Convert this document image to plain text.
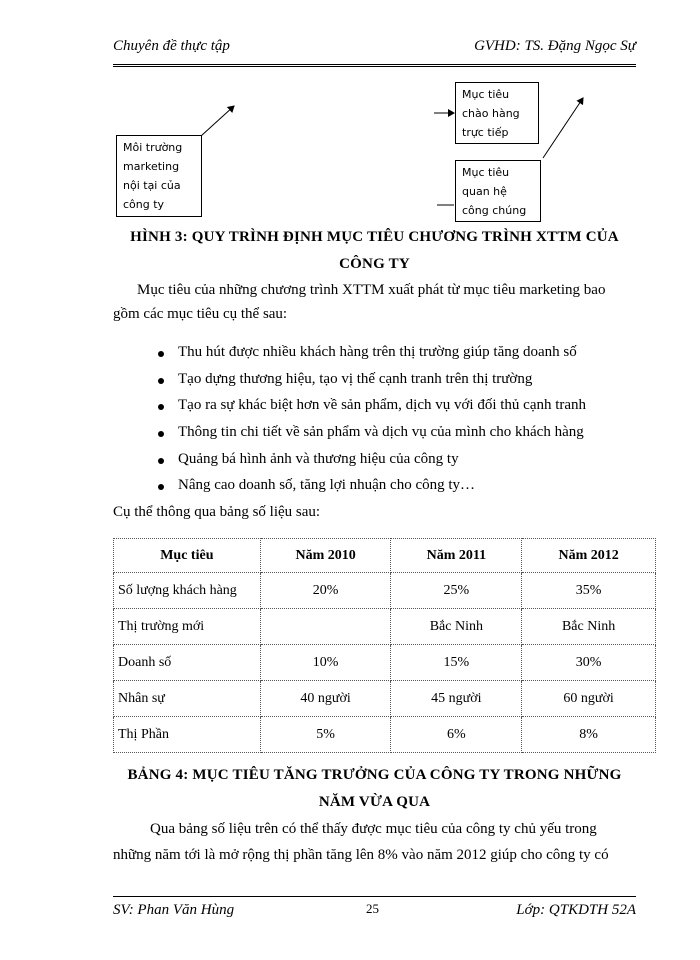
Chuyên đề thực tập	GVHD: TS. Đặng Ngọc Sự
Môi trường
marketing
nội tại của
công ty
Mục tiêu
chào hàng
trực tiếp
Mục tiêu
quan hệ
công chúng
HÌNH 3: QUY TRÌNH ĐỊNH MỤC TIÊU CHƯƠNG TRÌNH XTTM CỦA
CÔNG TY
Mục tiêu của những chương trình XTTM xuất phát từ mục tiêu marketing bao
gồm các mục tiêu cụ thể sau:
Thu hút được nhiều khách hàng trên thị trường giúp tăng doanh số
Tạo dựng thương hiệu, tạo vị thế cạnh tranh trên thị trường
Tạo ra sự khác biệt hơn về sản phẩm, dịch vụ với đối thủ cạnh tranh
Thông tin chi tiết về sản phẩm và dịch vụ của mình cho khách hàng
Quảng bá hình ảnh và thương hiệu của công ty
Nâng cao doanh số, tăng lợi nhuận cho công ty…
Cụ thể thông qua bảng số liệu sau:
Mục tiêu	Năm 2010	Năm 2011	Năm 2012
Số lượng khách hàng	20%	25%	35%
Thị trường mới		Bắc Ninh	Bắc Ninh
Doanh số	10%	15%	30%
Nhân sự	40 người	45 người	60 người
Thị Phần	5%	6%	8%
BẢNG 4: MỤC TIÊU TĂNG TRƯỞNG CỦA CÔNG TY TRONG NHỮNG
NĂM VỪA QUA
Qua bảng số liệu trên có thể thấy được mục tiêu của công ty chủ yếu trong
những năm tới là mở rộng thị phần tăng lên 8% vào năm 2012 giúp cho công ty có
SV: Phan Văn Hùng	25	Lớp: QTKDTH 52A
